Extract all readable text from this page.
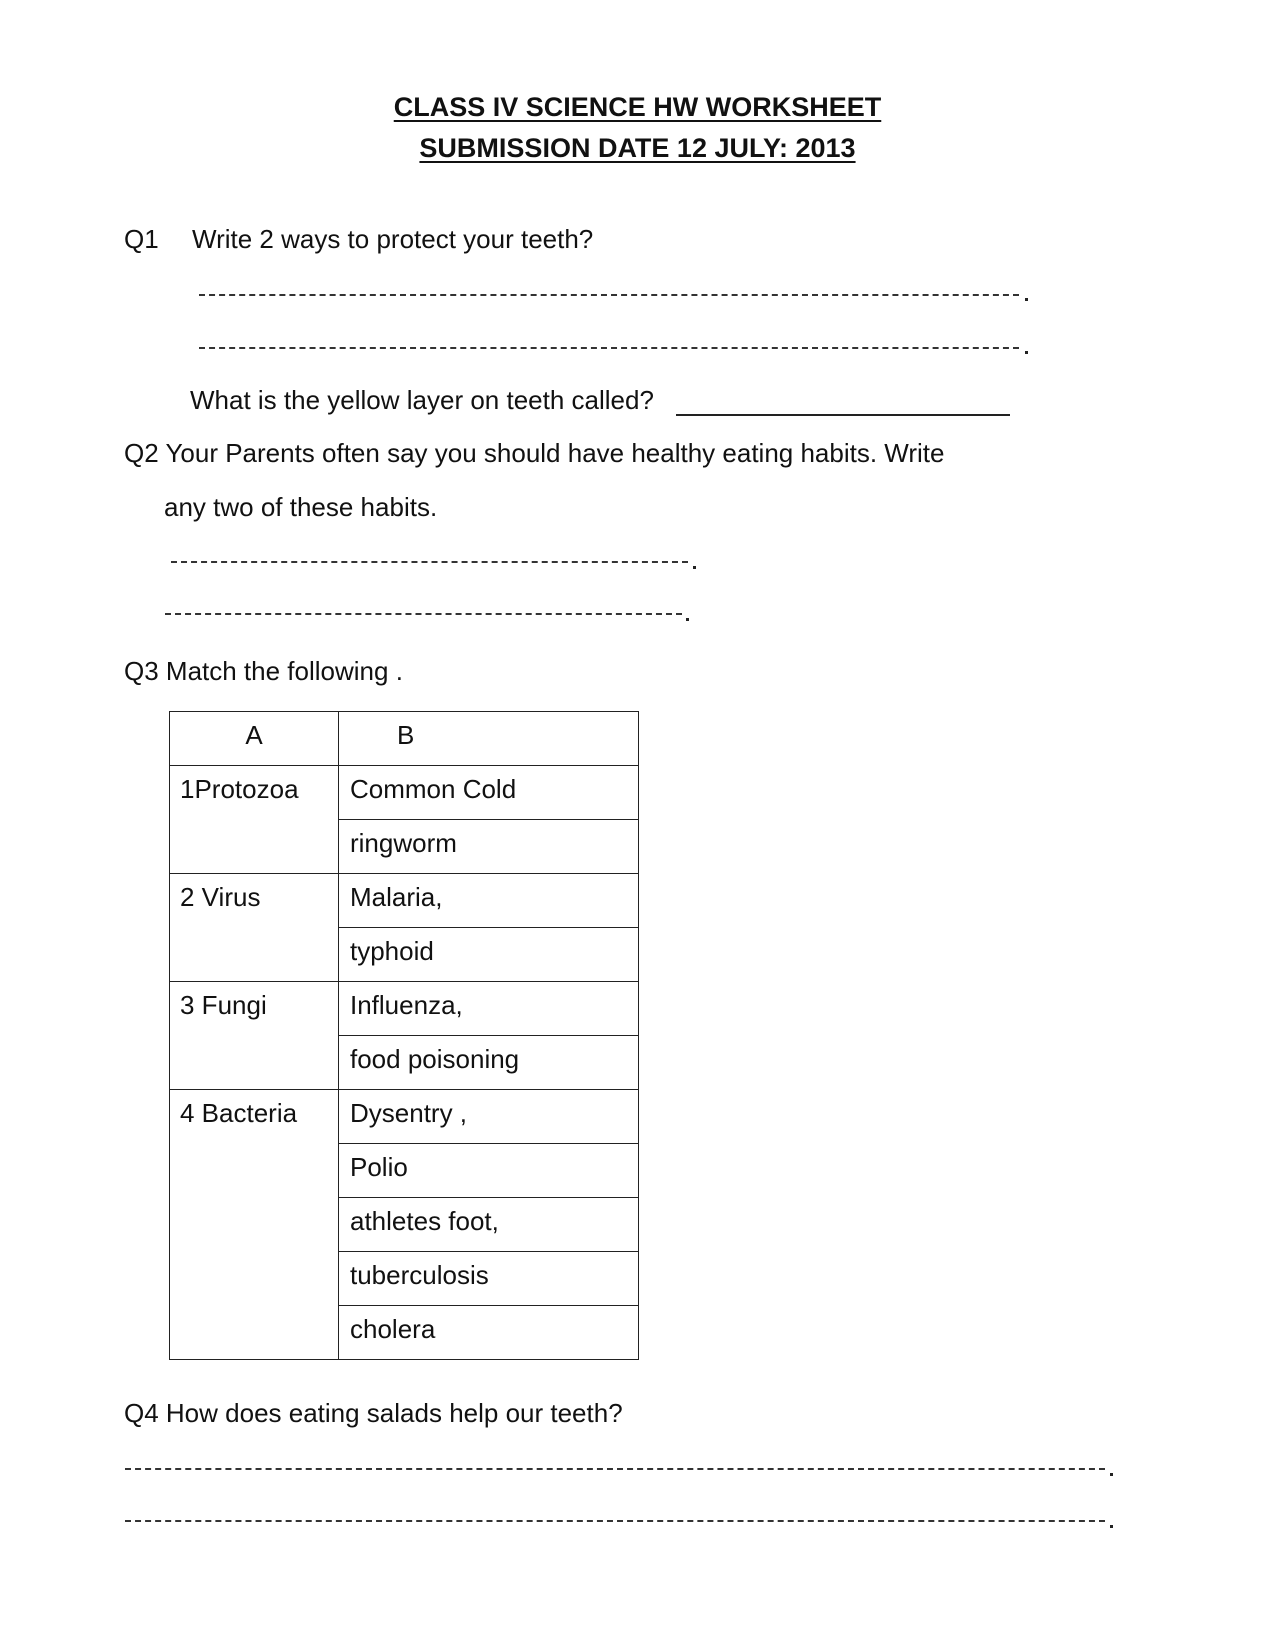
CLASS IV SCIENCE HW WORKSHEET
SUBMISSION DATE 12 JULY: 2013
Q1 Write 2 ways to protect your teeth?
What is the yellow layer on teeth called?
Q2 Your Parents often say you should have healthy eating habits. Write
any two of these habits.
Q3 Match the following .
A	B
1Protozoa	Common Cold
	ringworm
2 Virus	Malaria,
	typhoid
3 Fungi	Influenza,
	food poisoning
4 Bacteria	Dysentry ,
	Polio
	athletes foot,
	tuberculosis
	cholera
Q4 How does eating salads help our teeth?
